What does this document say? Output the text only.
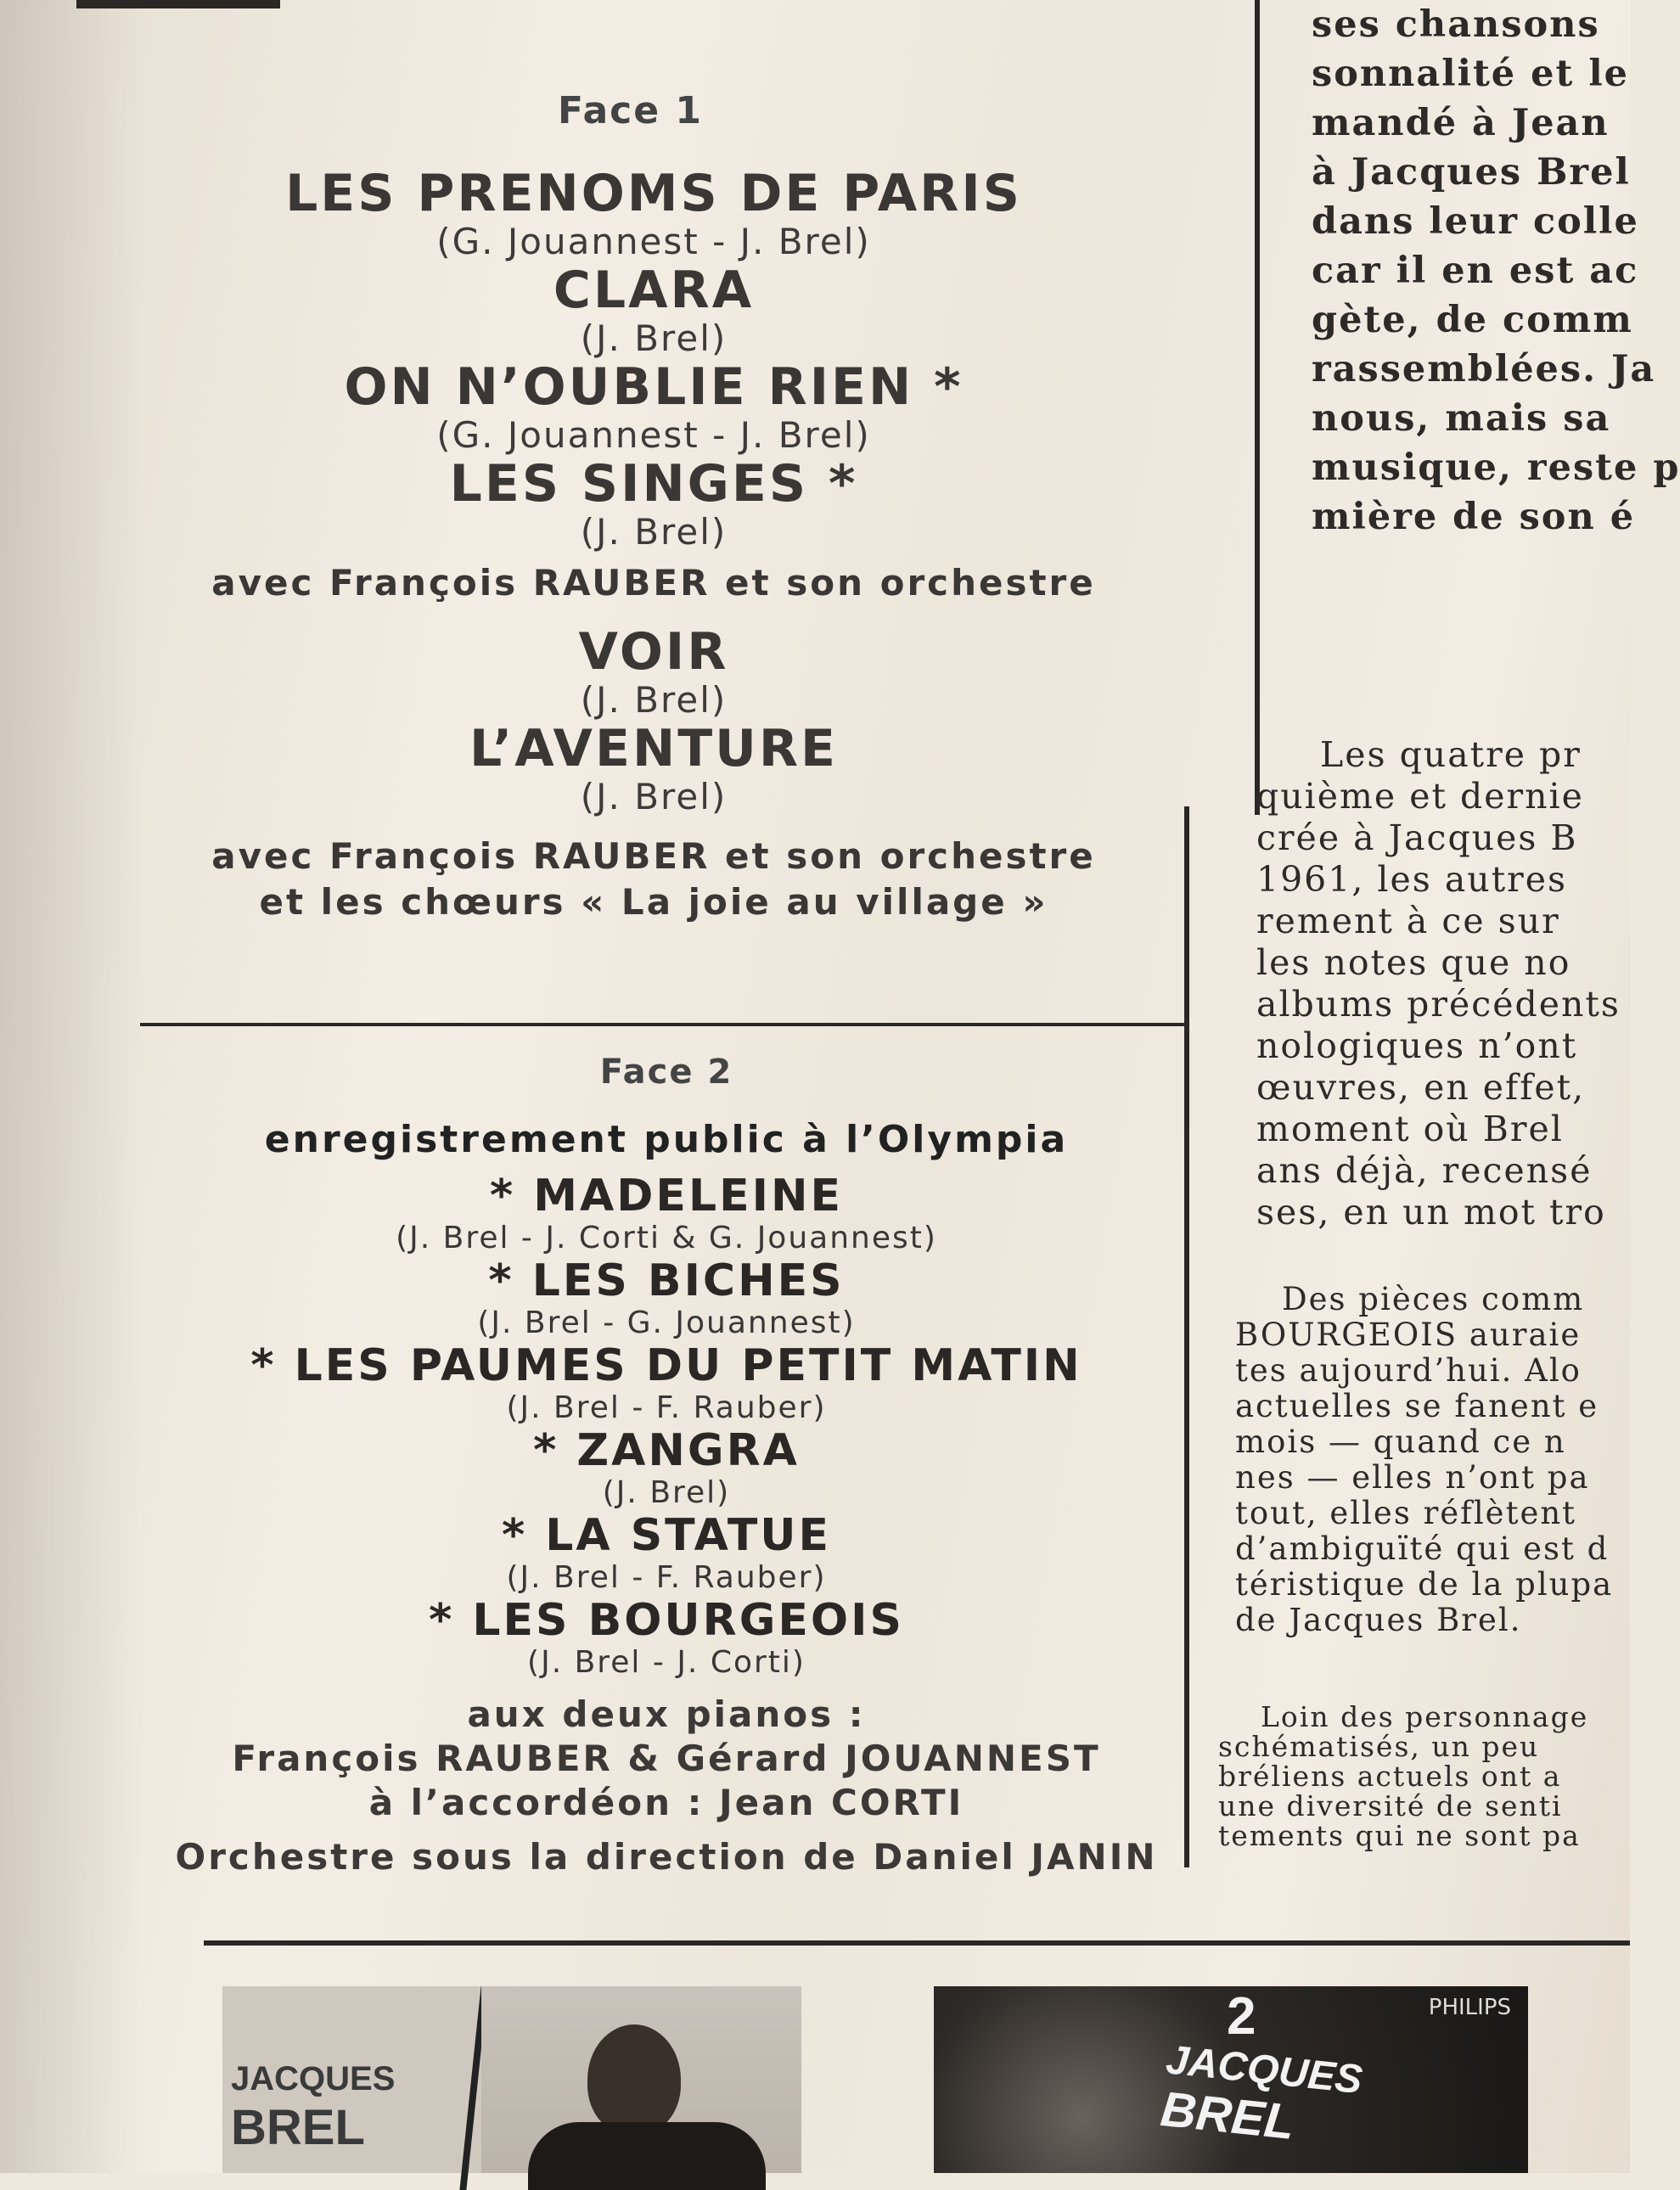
Face 1
LES PRENOMS DE PARIS
(G. Jouannest - J. Brel)
CLARA
(J. Brel)
ON N’OUBLIE RIEN *
(G. Jouannest - J. Brel)
LES SINGES *
(J. Brel)
avec François RAUBER et son orchestre
VOIR
(J. Brel)
L’AVENTURE
(J. Brel)
avec François RAUBER et son orchestre
et les chœurs « La joie au village »
Face 2
enregistrement public à l’Olympia
* MADELEINE
(J. Brel - J. Corti & G. Jouannest)
* LES BICHES
(J. Brel - G. Jouannest)
* LES PAUMES DU PETIT MATIN
(J. Brel - F. Rauber)
* ZANGRA
(J. Brel)
* LA STATUE
(J. Brel - F. Rauber)
* LES BOURGEOIS
(J. Brel - J. Corti)
aux deux pianos :
François RAUBER & Gérard JOUANNEST
à l’accordéon : Jean CORTI
Orchestre sous la direction de Daniel JANIN
ses chansons
sonnalité et le
mandé à Jean
à Jacques Brel
dans leur colle
car il en est ac
gète, de comm
rassemblées. Ja
nous, mais sa
musique, reste p
mière de son é
Les quatre pr
quième et dernie
crée à Jacques B
1961, les autres
rement à ce sur
les notes que no
albums précédents
nologiques n’ont
œuvres, en effet,
moment où Brel
ans déjà, recensé
ses, en un mot tro
Des pièces comm
BOURGEOIS auraie
tes aujourd’hui. Alo
actuelles se fanent e
mois — quand ce n
nes — elles n’ont pa
tout, elles réflètent
d’ambiguïté qui est d
téristique de la plupa
de Jacques Brel.
Loin des personnage
schématisés, un peu
bréliens actuels ont a
une diversité de senti
tements qui ne sont pa
JACQUES
BREL
2	PHILIPS
JACQUES
BREL
